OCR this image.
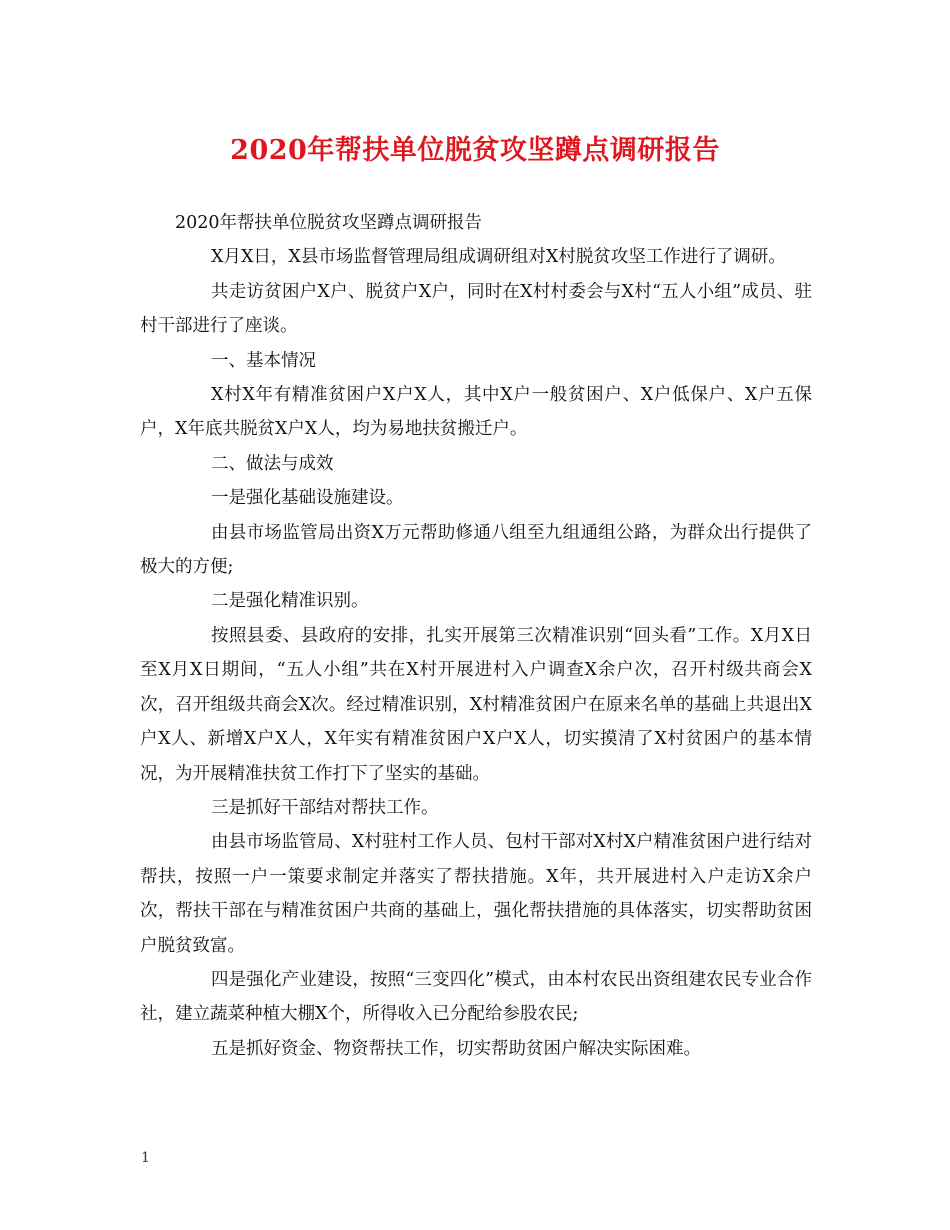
2020年帮扶单位脱贫攻坚蹲点调研报告

2020年帮扶单位脱贫攻坚蹲点调研报告

X月X日，X县市场监督管理局组成调研组对X村脱贫攻坚工作进行了调研。

共走访贫困户X户、脱贫户X户，同时在X村村委会与X村“五人小组”成员、驻村干部进行了座谈。

一、基本情况

X村X年有精准贫困户X户X人，其中X户一般贫困户、X户低保户、X户五保户，X年底共脱贫X户X人，均为易地扶贫搬迁户。

二、做法与成效

一是强化基础设施建设。

由县市场监管局出资X万元帮助修通八组至九组通组公路，为群众出行提供了极大的方便;

二是强化精准识别。

按照县委、县政府的安排，扎实开展第三次精准识别“回头看”工作。X月X日至X月X日期间，“五人小组”共在X村开展进村入户调查X余户次，召开村级共商会X次，召开组级共商会X次。经过精准识别，X村精准贫困户在原来名单的基础上共退出X户X人、新增X户X人，X年实有精准贫困户X户X人，切实摸清了X村贫困户的基本情况，为开展精准扶贫工作打下了坚实的基础。

三是抓好干部结对帮扶工作。

由县市场监管局、X村驻村工作人员、包村干部对X村X户精准贫困户进行结对帮扶，按照一户一策要求制定并落实了帮扶措施。X年，共开展进村入户走访X余户次，帮扶干部在与精准贫困户共商的基础上，强化帮扶措施的具体落实，切实帮助贫困户脱贫致富。

四是强化产业建设，按照“三变四化”模式，由本村农民出资组建农民专业合作社，建立蔬菜种植大棚X个，所得收入已分配给参股农民;

五是抓好资金、物资帮扶工作，切实帮助贫困户解决实际困难。

1
